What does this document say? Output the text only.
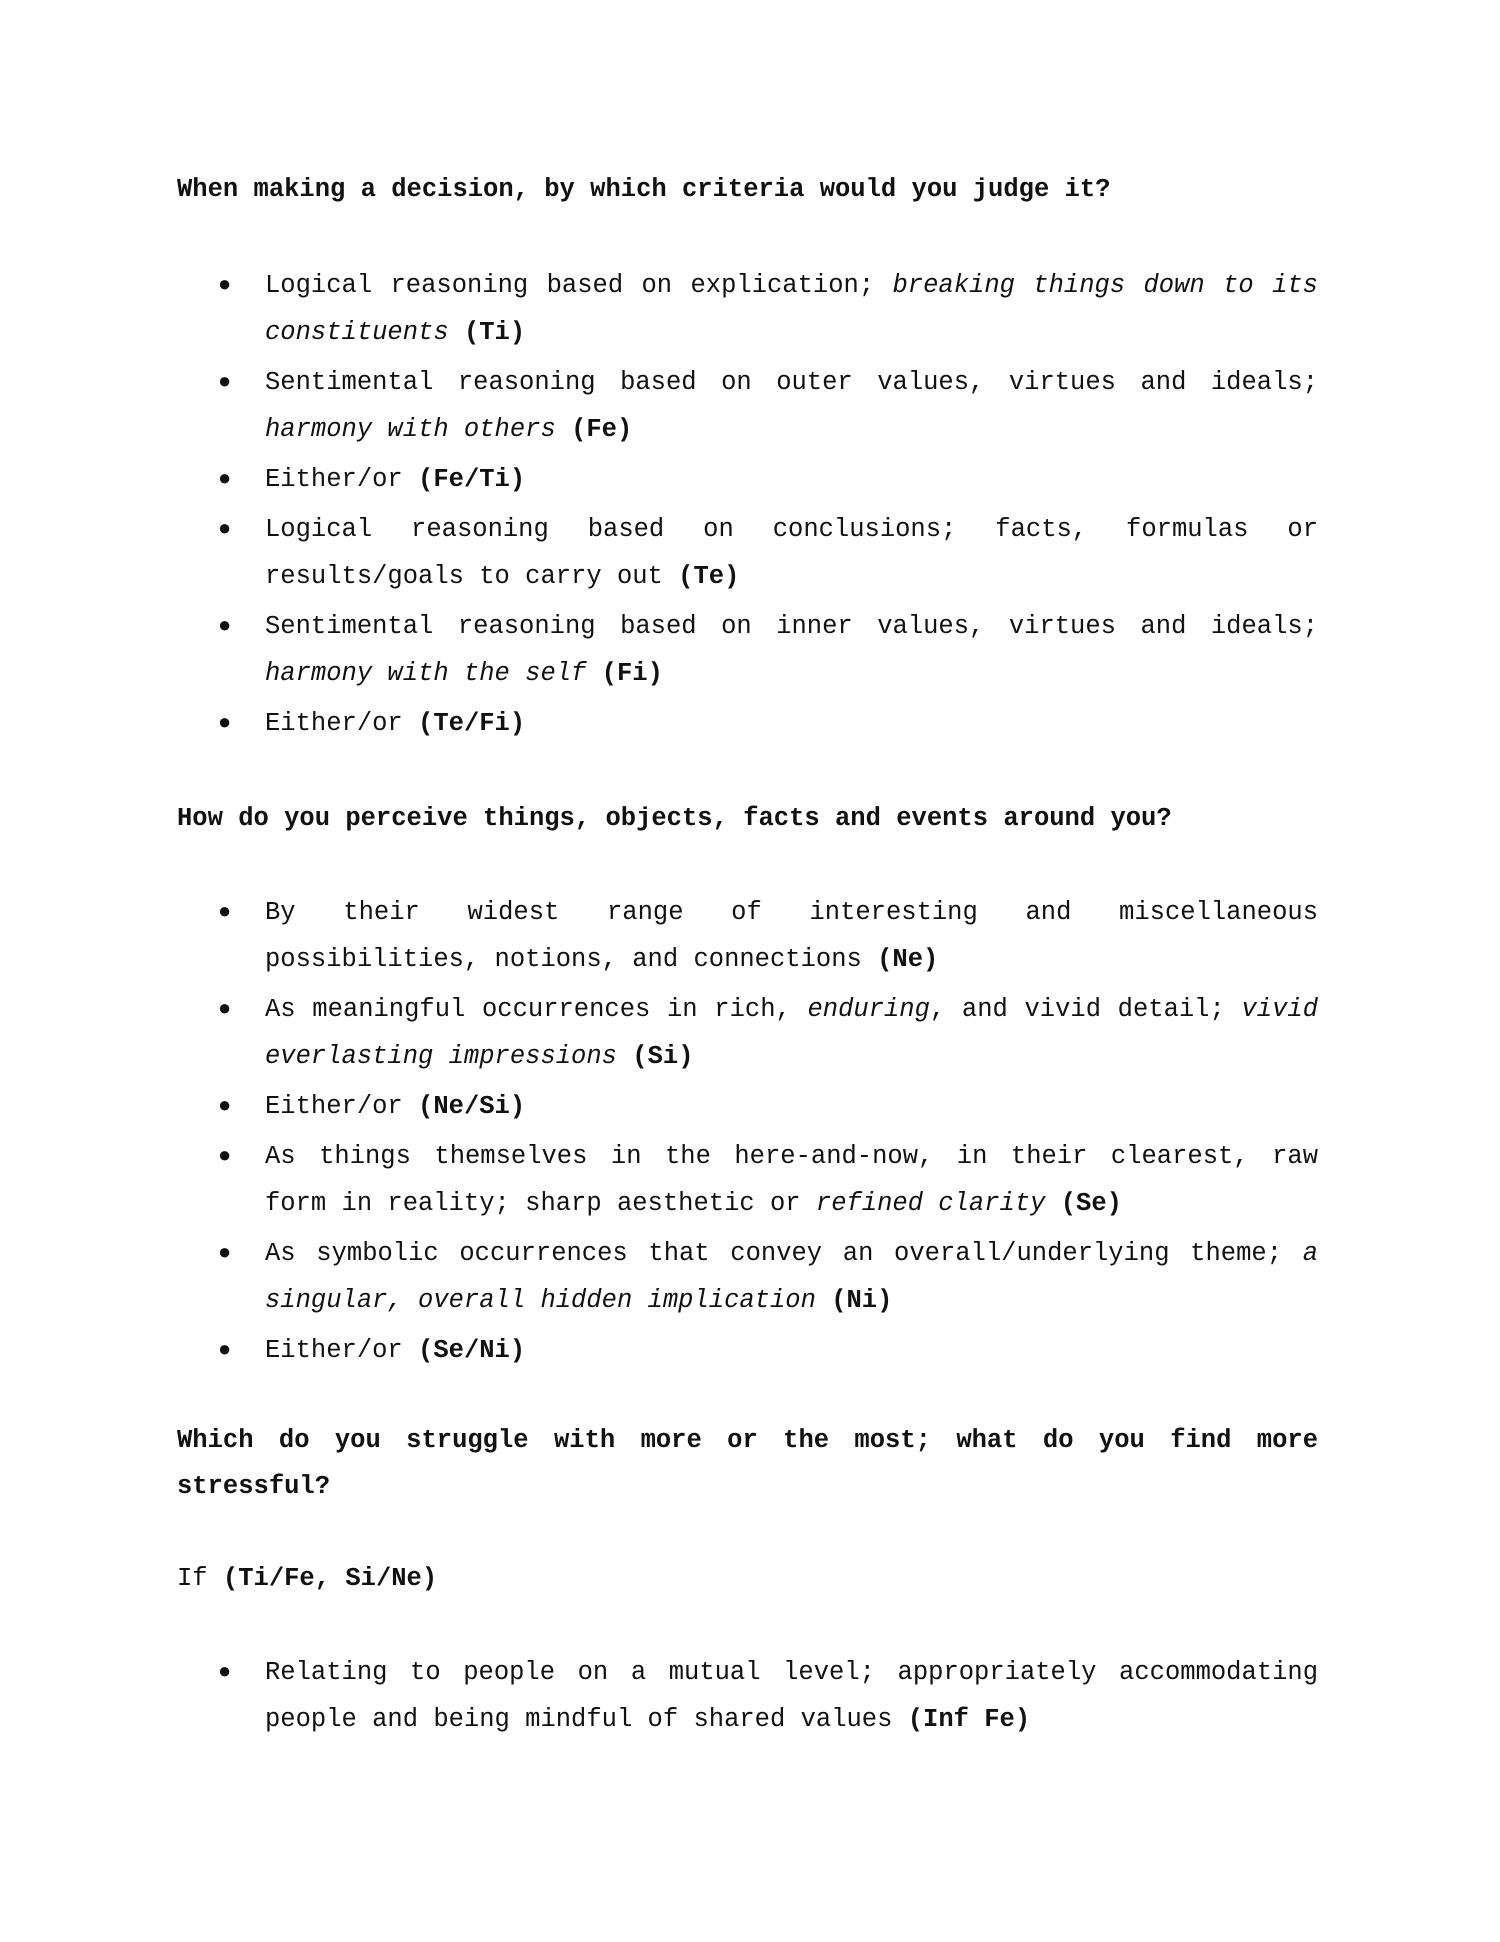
When making a decision, by which criteria would you judge it?

● Logical reasoning based on explication; breaking things down to its constituents (Ti)
● Sentimental reasoning based on outer values, virtues and ideals; harmony with others (Fe)
● Either/or (Fe/Ti)
● Logical reasoning based on conclusions; facts, formulas or results/goals to carry out (Te)
● Sentimental reasoning based on inner values, virtues and ideals; harmony with the self (Fi)
● Either/or (Te/Fi)

How do you perceive things, objects, facts and events around you?

● By their widest range of interesting and miscellaneous possibilities, notions, and connections (Ne)
● As meaningful occurrences in rich, enduring, and vivid detail; vivid everlasting impressions (Si)
● Either/or (Ne/Si)
● As things themselves in the here-and-now, in their clearest, raw form in reality; sharp aesthetic or refined clarity (Se)
● As symbolic occurrences that convey an overall/underlying theme; a singular, overall hidden implication (Ni)
● Either/or (Se/Ni)

Which do you struggle with more or the most; what do you find more stressful?

If (Ti/Fe, Si/Ne)

● Relating to people on a mutual level; appropriately accommodating people and being mindful of shared values (Inf Fe)
